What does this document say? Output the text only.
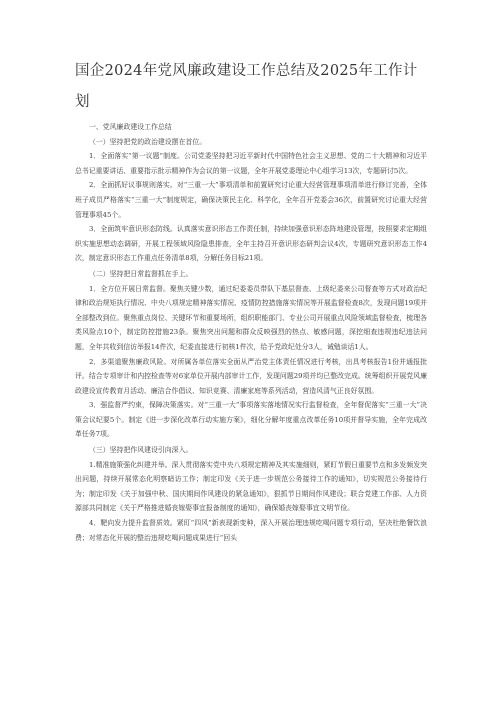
国企2024年党风廉政建设工作总结及2025年工作计
划

一、党风廉政建设工作总结

（一）坚持把党的政治建设摆在首位。

1．全面落实“第一议题”制度。公司党委坚持把习近平新时代中国特色社会主义思想、党的二十大精神和习近平总书记重要讲话、重要指示批示精神作为会议的第一议题，全年开展党委理论中心组学习13次，专题研讨5次。

2．全面抓好议事规则落实。对“三重一大”事项清单和前置研究讨论重大经营管理事项清单进行修订完善，全体班子成员严格落实“三重一大”制度规定，确保决策民主化、科学化，全年召开党委会36次，前置研究讨论重大经营管理事项45个。

3．全面筑牢意识形态防线。认真落实意识形态工作责任制，持续加强意识形态阵地建设管理，按照要求定期组织实施思想动态调研，开展工程领域风险隐患排查，全年主持召开意识形态研判会议4次，专题研究意识形态工作4次，制定意识形态工作重点任务清单8项，分解任务目标21项。

（二）坚持把日常监督抓在手上。

1．全方位开展日常监督。聚焦关键少数，通过纪委委员带队下基层督查、上级纪委来公司督查等方式对政治纪律和政治规矩执行情况、中央八项规定精神落实情况、疫情防控措施落实情况等开展监督检查8次，发现问题19项并全部整改到位。聚焦重点岗位、关键环节和重要场所，组织职能部门、专业公司开展重点风险领域监督检查，梳理各类风险点10个，制定防控措施23条。聚焦突出问题和群众反映强烈的热点、敏感问题，深挖细查违规违纪违法问题，全年共收到信访举报14件次，纪委直接进行初核1件次，给予党政纪处分3人，诫勉谈话1人。

2．多渠道聚焦廉政风险。对所属各单位落实全面从严治党主体责任情况进行考核，出具考核报告1份并通报批评。结合专项审计和内控检查等对6家单位开展内部审计工作，发现问题29项并均已整改完成。统筹组织开展党风廉政建设宣传教育月活动、廉洁合作倡议、知识竞赛、清廉家庭等系列活动，营造风清气正良好氛围。

3．强监督严约束，保障决策落实。对“三重一大”事项落实落地情况实行监督检查，全年督促落实“三重一大”决策会议纪要5个。制定《进一步深化改革行动实施方案》，细化分解年度重点改革任务10项并督导实施，全年完成改革任务7项。

（三）坚持把作风建设引向深入。

1.精准施策强化纠建并举。深入贯彻落实党中央八项规定精神及其实施细则，紧盯节假日重要节点和多发频发突出问题，持续开展常态化明察暗访工作；制定印发《关于进一步规范公务接待工作的通知》，切实规范公务接待行为；制定印发《关于加强中秋、国庆期间作风建设的紧急通知》，狠抓节日期间作风建设；联合党建工作部、人力资源部共同制定《关于严格推进婚丧嫁娶事宜报备制度的通知》，确保婚丧嫁娶事宜文明节俭。

4．靶向发力提升监督质效。紧盯“四风”新表现新变种，深入开展治理违规吃喝问题专项行动，坚决杜绝餐饮浪费；对常态化开展的整治违规吃喝问题成果进行“回头
